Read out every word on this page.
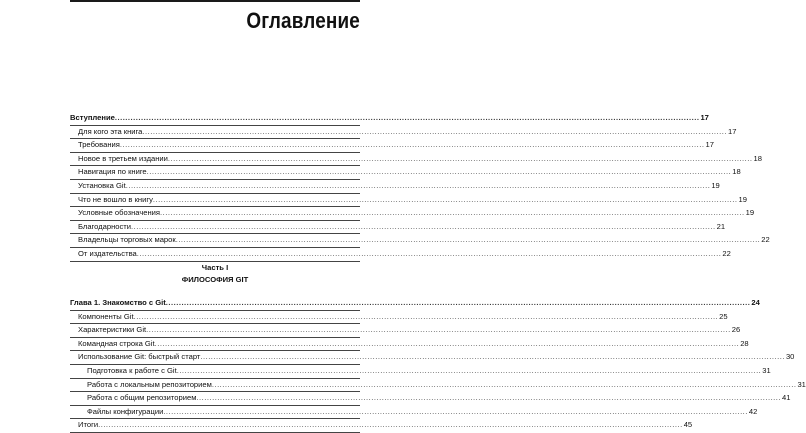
Оглавление
Вступление .....	17
Для кого эта книга .....	17
Требования .....	17
Новое в третьем издании .....	18
Навигация по книге .....	18
Установка Git .....	19
Что не вошло в книгу .....	19
Условные обозначения .....	19
Благодарности .....	21
Владельцы торговых марок .....	22
От издательства .....	22
Часть I
ФИЛОСОФИЯ GIT
Глава 1. Знакомство с Git .....	24
Компоненты Git .....	25
Характеристики Git .....	26
Командная строка Git .....	28
Использование Git: быстрый старт .....	30
Подготовка к работе с Git .....	31
Работа с локальным репозиторием .....	31
Работа с общим репозиторием .....	41
Файлы конфигурации .....	42
Итоги .....	45
